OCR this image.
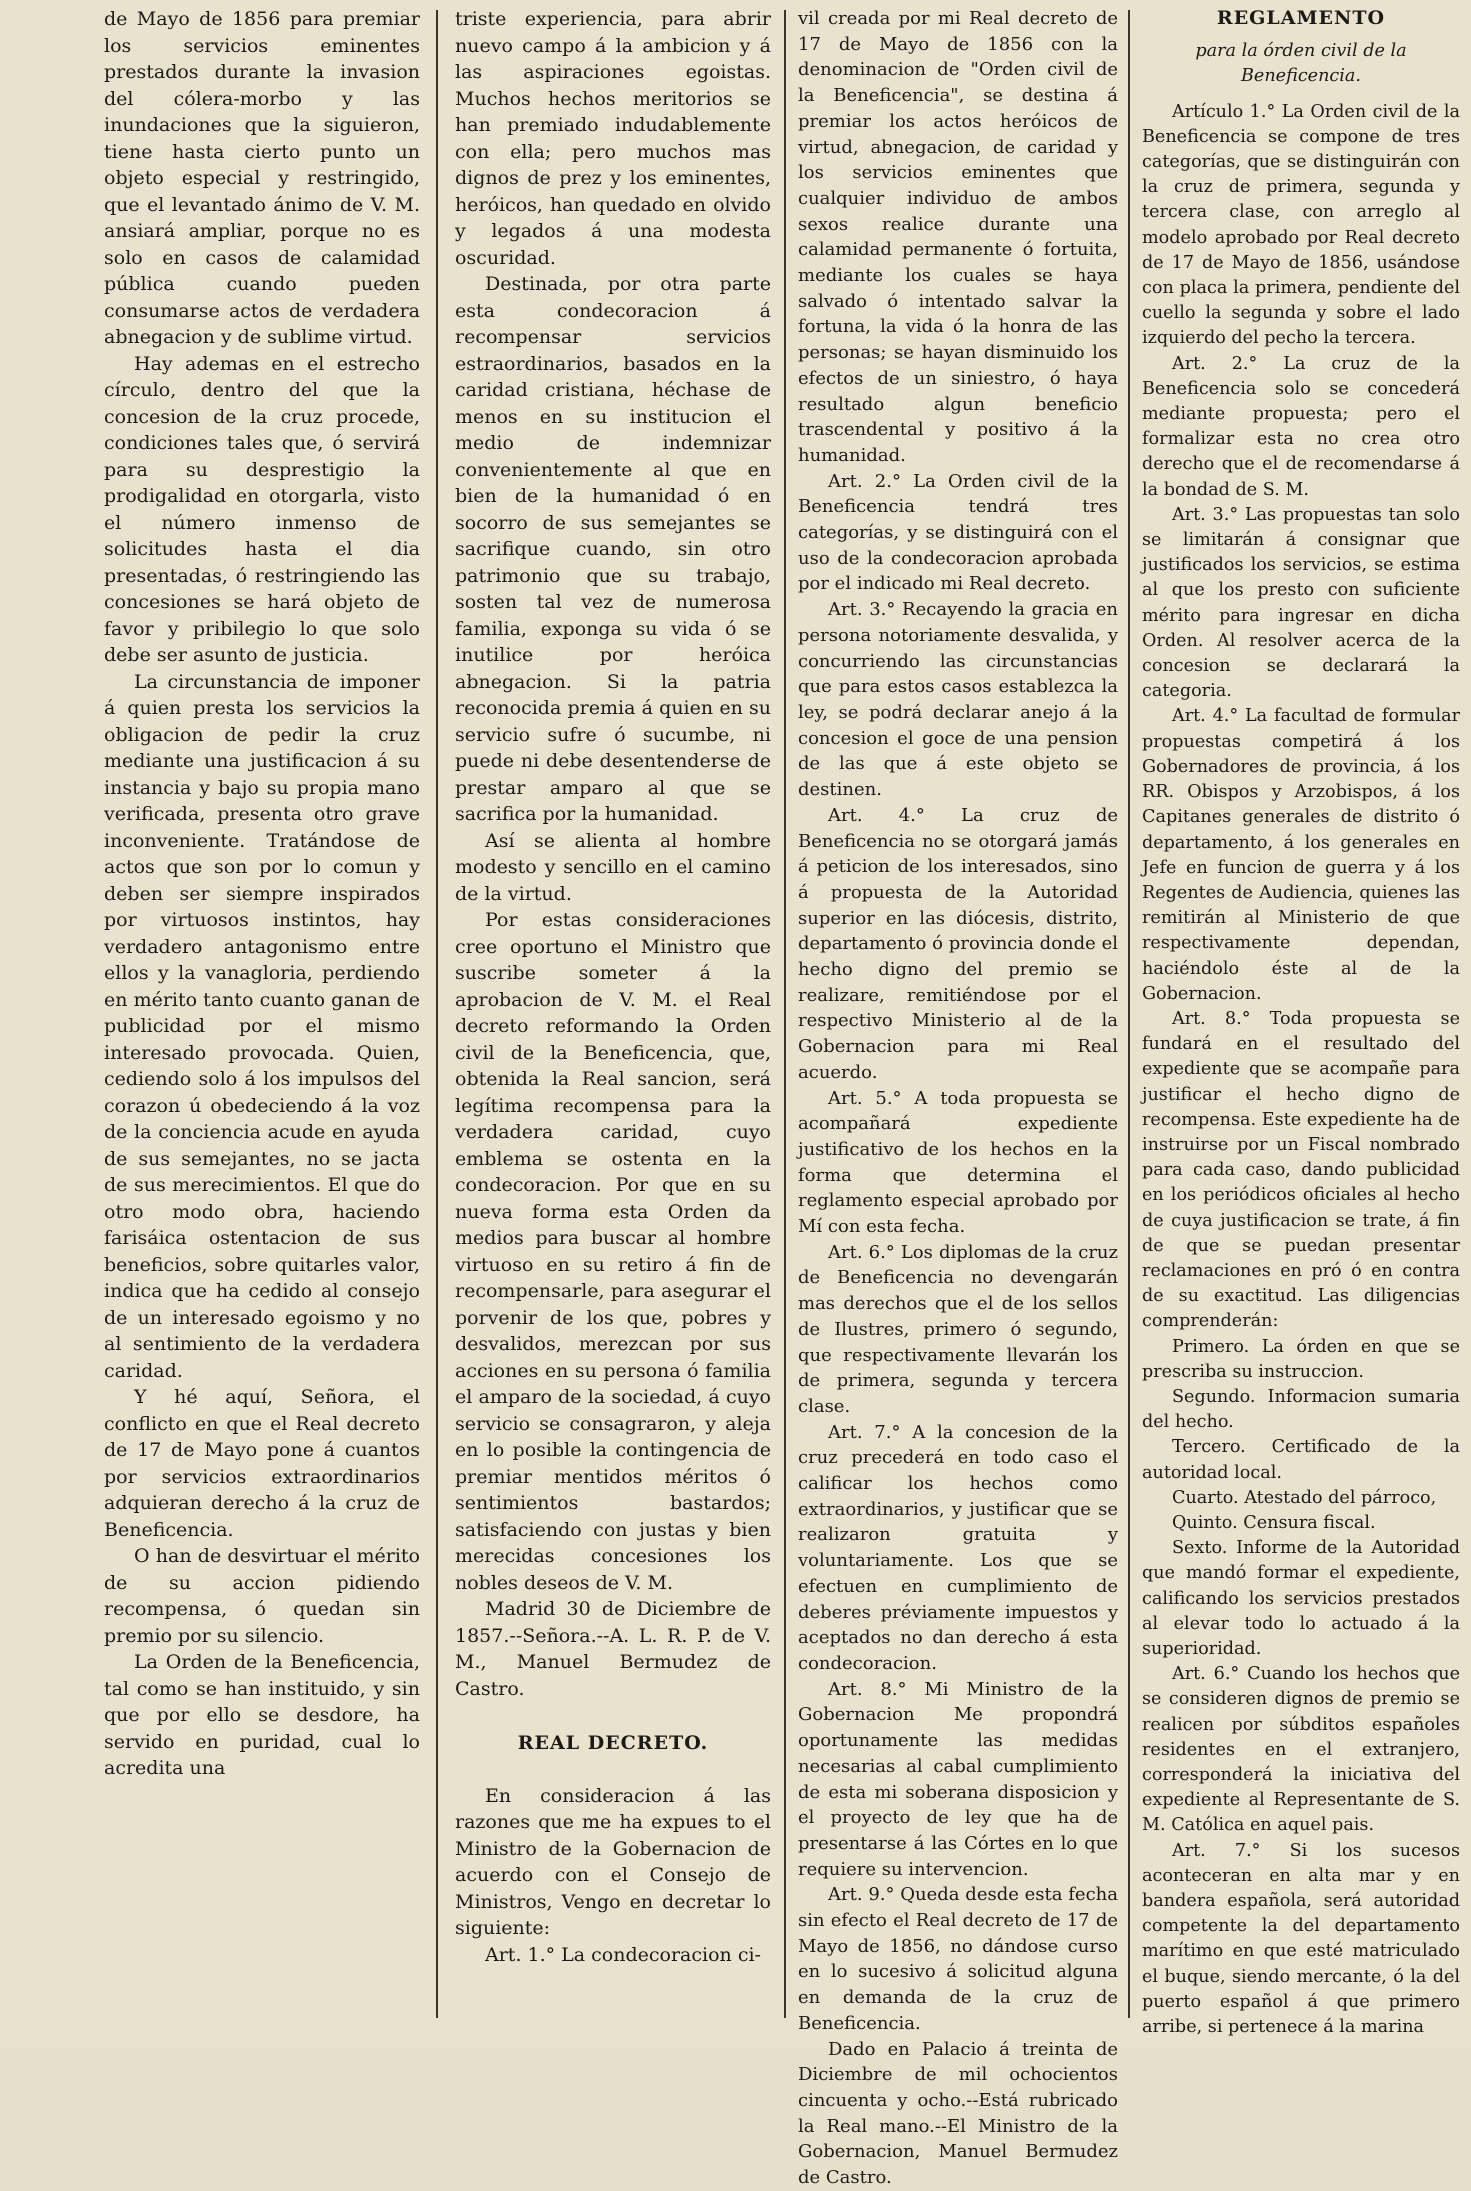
de Mayo de 1856 para premiar los servicios eminentes prestados durante la invasion del cólera-morbo y las inundaciones que la siguieron, tiene hasta cierto punto un objeto especial y restringido, que el levantado ánimo de V. M. ansiará ampliar, porque no es solo en casos de calamidad pública cuando pueden consumarse actos de verdadera abnegacion y de sublime virtud.

Hay ademas en el estrecho círculo, dentro del que la concesion de la cruz procede, condiciones tales que, ó servirá para su desprestigio la prodigalidad en otorgarla, visto el número inmenso de solicitudes hasta el dia presentadas, ó restringiendo las concesiones se hará objeto de favor y pribilegio lo que solo debe ser asunto de justicia.

La circunstancia de imponer á quien presta los servicios la obligacion de pedir la cruz mediante una justificacion á su instancia y bajo su propia mano verificada, presenta otro grave inconveniente. Tratándose de actos que son por lo comun y deben ser siempre inspirados por virtuosos instintos, hay verdadero antagonismo entre ellos y la vanagloria, perdiendo en mérito tanto cuanto ganan de publicidad por el mismo interesado provocada. Quien, cediendo solo á los impulsos del corazon ú obedeciendo á la voz de la conciencia acude en ayuda de sus semejantes, no se jacta de sus merecimientos. El que do otro modo obra, haciendo farisáica ostentacion de sus beneficios, sobre quitarles valor, indica que ha cedido al consejo de un interesado egoismo y no al sentimiento de la verdadera caridad.

Y hé aquí, Señora, el conflicto en que el Real decreto de 17 de Mayo pone á cuantos por servicios extraordinarios adquieran derecho á la cruz de Beneficencia.

O han de desvirtuar el mérito de su accion pidiendo recompensa, ó quedan sin premio por su silencio.

La Orden de la Beneficencia, tal como se han instituido, y sin que por ello se desdore, ha servido en puridad, cual lo acredita una

triste experiencia, para abrir nuevo campo á la ambicion y á las aspiraciones egoistas. Muchos hechos meritorios se han premiado indudablemente con ella; pero muchos mas dignos de prez y los eminentes, heróicos, han quedado en olvido y legados á una modesta oscuridad.

Destinada, por otra parte esta condecoracion á recompensar servicios estraordinarios, basados en la caridad cristiana, héchase de menos en su institucion el medio de indemnizar convenientemente al que en bien de la humanidad ó en socorro de sus semejantes se sacrifique cuando, sin otro patrimonio que su trabajo, sosten tal vez de numerosa familia, exponga su vida ó se inutilice por heróica abnegacion. Si la patria reconocida premia á quien en su servicio sufre ó sucumbe, ni puede ni debe desentenderse de prestar amparo al que se sacrifica por la humanidad.

Así se alienta al hombre modesto y sencillo en el camino de la virtud.

Por estas consideraciones cree oportuno el Ministro que suscribe someter á la aprobacion de V. M. el Real decreto reformando la Orden civil de la Beneficencia, que, obtenida la Real sancion, será legítima recompensa para la verdadera caridad, cuyo emblema se ostenta en la condecoracion. Por que en su nueva forma esta Orden da medios para buscar al hombre virtuoso en su retiro á fin de recompensarle, para asegurar el porvenir de los que, pobres y desvalidos, merezcan por sus acciones en su persona ó familia el amparo de la sociedad, á cuyo servicio se consagraron, y aleja en lo posible la contingencia de premiar mentidos méritos ó sentimientos bastardos; satisfaciendo con justas y bien merecidas concesiones los nobles deseos de V. M.

Madrid 30 de Diciembre de 1857.--Señora.--A. L. R. P. de V. M., Manuel Bermudez de Castro.

REAL DECRETO.

En consideracion á las razones que me ha expues to el Ministro de la Gobernacion de acuerdo con el Consejo de Ministros, Vengo en decretar lo siguiente:

Art. 1.° La condecoracion ci-

vil creada por mi Real decreto de 17 de Mayo de 1856 con la denominacion de "Orden civil de la Beneficencia", se destina á premiar los actos heróicos de virtud, abnegacion, de caridad y los servicios eminentes que cualquier individuo de ambos sexos realice durante una calamidad permanente ó fortuita, mediante los cuales se haya salvado ó intentado salvar la fortuna, la vida ó la honra de las personas; se hayan disminuido los efectos de un siniestro, ó haya resultado algun beneficio trascendental y positivo á la humanidad.

Art. 2.° La Orden civil de la Beneficencia tendrá tres categorías, y se distinguirá con el uso de la condecoracion aprobada por el indicado mi Real decreto.

Art. 3.° Recayendo la gracia en persona notoriamente desvalida, y concurriendo las circunstancias que para estos casos establezca la ley, se podrá declarar anejo á la concesion el goce de una pension de las que á este objeto se destinen.

Art. 4.° La cruz de Beneficencia no se otorgará jamás á peticion de los interesados, sino á propuesta de la Autoridad superior en las diócesis, distrito, departamento ó provincia donde el hecho digno del premio se realizare, remitiéndose por el respectivo Ministerio al de la Gobernacion para mi Real acuerdo.

Art. 5.° A toda propuesta se acompañará expediente justificativo de los hechos en la forma que determina el reglamento especial aprobado por Mí con esta fecha.

Art. 6.° Los diplomas de la cruz de Beneficencia no devengarán mas derechos que el de los sellos de Ilustres, primero ó segundo, que respectivamente llevarán los de primera, segunda y tercera clase.

Art. 7.° A la concesion de la cruz precederá en todo caso el calificar los hechos como extraordinarios, y justificar que se realizaron gratuita y voluntariamente. Los que se efectuen en cumplimiento de deberes préviamente impuestos y aceptados no dan derecho á esta condecoracion.

Art. 8.° Mi Ministro de la Gobernacion Me propondrá oportunamente las medidas necesarias al cabal cumplimiento de esta mi soberana disposicion y el proyecto de ley que ha de presentarse á las Córtes en lo que requiere su intervencion.

Art. 9.° Queda desde esta fecha sin efecto el Real decreto de 17 de Mayo de 1856, no dándose curso en lo sucesivo á solicitud alguna en demanda de la cruz de Beneficencia.

Dado en Palacio á treinta de Diciembre de mil ochocientos cincuenta y ocho.--Está rubricado la Real mano.--El Ministro de la Gobernacion, Manuel Bermudez de Castro.

REGLAMENTO

para la órden civil de la Beneficencia.

Artículo 1.° La Orden civil de la Beneficencia se compone de tres categorías, que se distinguirán con la cruz de primera, segunda y tercera clase, con arreglo al modelo aprobado por Real decreto de 17 de Mayo de 1856, usándose con placa la primera, pendiente del cuello la segunda y sobre el lado izquierdo del pecho la tercera.

Art. 2.° La cruz de la Beneficencia solo se concederá mediante propuesta; pero el formalizar esta no crea otro derecho que el de recomendarse á la bondad de S. M.

Art. 3.° Las propuestas tan solo se limitarán á consignar que justificados los servicios, se estima al que los presto con suficiente mérito para ingresar en dicha Orden. Al resolver acerca de la concesion se declarará la categoria.

Art. 4.° La facultad de formular propuestas competirá á los Gobernadores de provincia, á los RR. Obispos y Arzobispos, á los Capitanes generales de distrito ó departamento, á los generales en Jefe en funcion de guerra y á los Regentes de Audiencia, quienes las remitirán al Ministerio de que respectivamente dependan, haciéndolo éste al de la Gobernacion.

Art. 8.° Toda propuesta se fundará en el resultado del expediente que se acompañe para justificar el hecho digno de recompensa. Este expediente ha de instruirse por un Fiscal nombrado para cada caso, dando publicidad en los periódicos oficiales al hecho de cuya justificacion se trate, á fin de que se puedan presentar reclamaciones en pró ó en contra de su exactitud. Las diligencias comprenderán:

Primero. La órden en que se prescriba su instruccion.

Segundo. Informacion sumaria del hecho.

Tercero. Certificado de la autoridad local.

Cuarto. Atestado del párroco,

Quinto. Censura fiscal.

Sexto. Informe de la Autoridad que mandó formar el expediente, calificando los servicios prestados al elevar todo lo actuado á la superioridad.

Art. 6.° Cuando los hechos que se consideren dignos de premio se realicen por súbditos españoles residentes en el extranjero, corresponderá la iniciativa del expediente al Representante de S. M. Católica en aquel pais.

Art. 7.° Si los sucesos aconteceran en alta mar y en bandera española, será autoridad competente la del departamento marítimo en que esté matriculado el buque, siendo mercante, ó la del puerto español á que primero arribe, si pertenece á la marina
